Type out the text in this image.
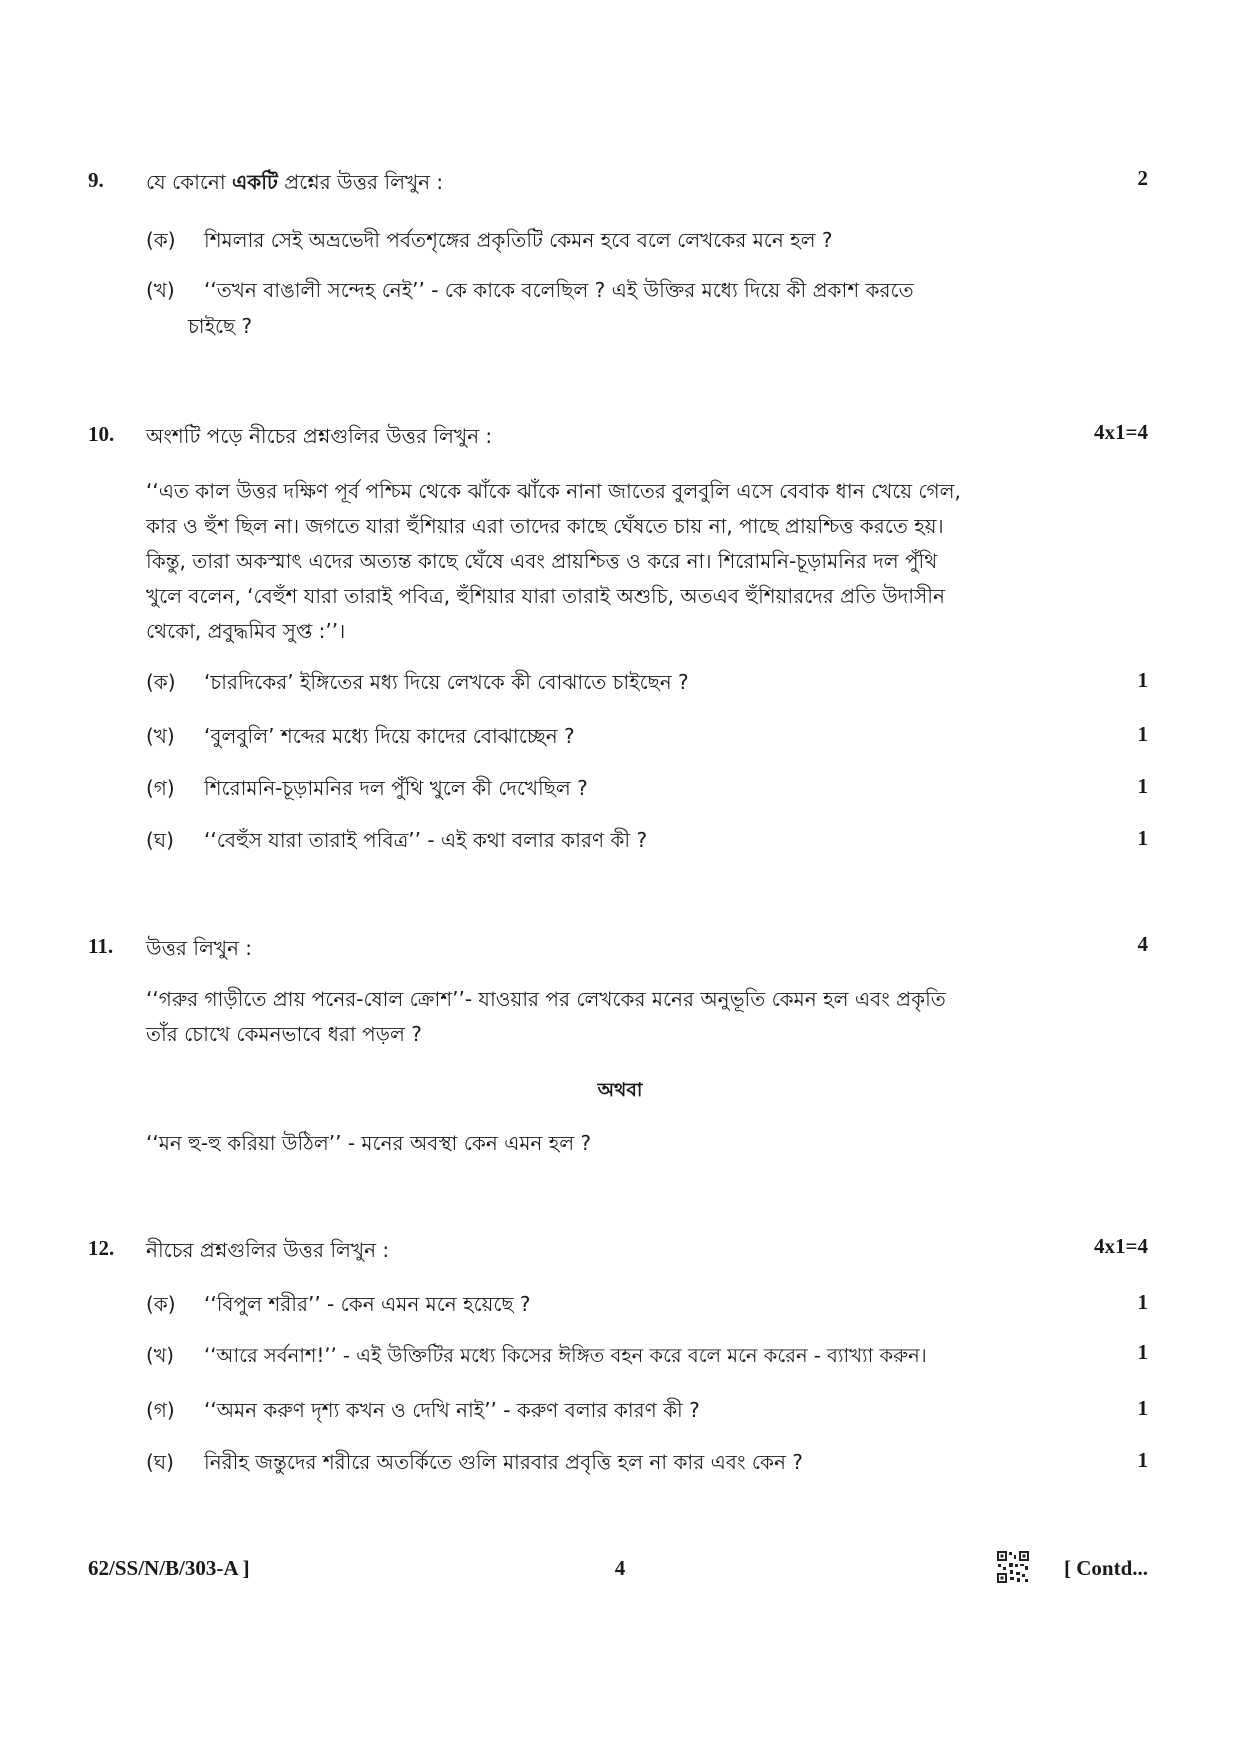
9. যে কোনো একটি প্রশ্নের উত্তর লিখুন :	2
(ক) শিমলার সেই অভ্রভেদী পর্বতশৃঙ্গের প্রকৃতিটি কেমন হবে বলে লেখকের মনে হল ?
(খ) ‘‘তখন বাঙালী সন্দেহ নেই’’ - কে কাকে বলেছিল ? এই উক্তির মধ্যে দিয়ে কী প্রকাশ করতে
চাইছে ?
10. অংশটি পড়ে নীচের প্রশ্নগুলির উত্তর লিখুন :	4x1=4
‘‘এত কাল উত্তর দক্ষিণ পূর্ব পশ্চিম থেকে ঝাঁকে ঝাঁকে নানা জাতের বুলবুলি এসে বেবাক ধান খেয়ে গেল,
কার ও হুঁশ ছিল না। জগতে যারা হুঁশিয়ার এরা তাদের কাছে ঘেঁষতে চায় না, পাছে প্রায়শ্চিত্ত করতে হয়।
কিন্তু, তারা অকস্মাৎ এদের অত্যন্ত কাছে ঘেঁষে এবং প্রায়শ্চিত্ত ও করে না। শিরোমনি-চূড়ামনির দল পুঁথি
খুলে বলেন, ‘বেহুঁশ যারা তারাই পবিত্র, হুঁশিয়ার যারা তারাই অশুচি, অতএব হুঁশিয়ারদের প্রতি উদাসীন
থেকো, প্রবুদ্ধমিব সুপ্ত :’’।
(ক) ‘চারদিকের’ ইঙ্গিতের মধ্য দিয়ে লেখকে কী বোঝাতে চাইছেন ?	1
(খ) ‘বুলবুলি’ শব্দের মধ্যে দিয়ে কাদের বোঝাচ্ছেন ?	1
(গ) শিরোমনি-চূড়ামনির দল পুঁথি খুলে কী দেখেছিল ?	1
(ঘ) ‘‘বেহুঁস যারা তারাই পবিত্র’’ - এই কথা বলার কারণ কী ?	1
11. উত্তর লিখুন :	4
‘‘গরুর গাড়ীতে প্রায় পনের-ষোল ক্রোশ’’- যাওয়ার পর লেখকের মনের অনুভূতি কেমন হল এবং প্রকৃতি
তাঁর চোখে কেমনভাবে ধরা পড়ল ?
অথবা
‘‘মন হু-হু করিয়া উঠিল’’ - মনের অবস্থা কেন এমন হল ?
12. নীচের প্রশ্নগুলির উত্তর লিখুন :	4x1=4
(ক) ‘‘বিপুল শরীর’’ - কেন এমন মনে হয়েছে ?	1
(খ) ‘‘আরে সর্বনাশ!’’ - এই উক্তিটির মধ্যে কিসের ঈঙ্গিত বহন করে বলে মনে করেন - ব্যাখ্যা করুন।	1
(গ) ‘‘অমন করুণ দৃশ্য কখন ও দেখি নাই’’ - করুণ বলার কারণ কী ?	1
(ঘ) নিরীহ জন্তুদের শরীরে অতর্কিতে গুলি মারবার প্রবৃত্তি হল না কার এবং কেন ?	1
62/SS/N/B/303-A ]	4	[ Contd...
